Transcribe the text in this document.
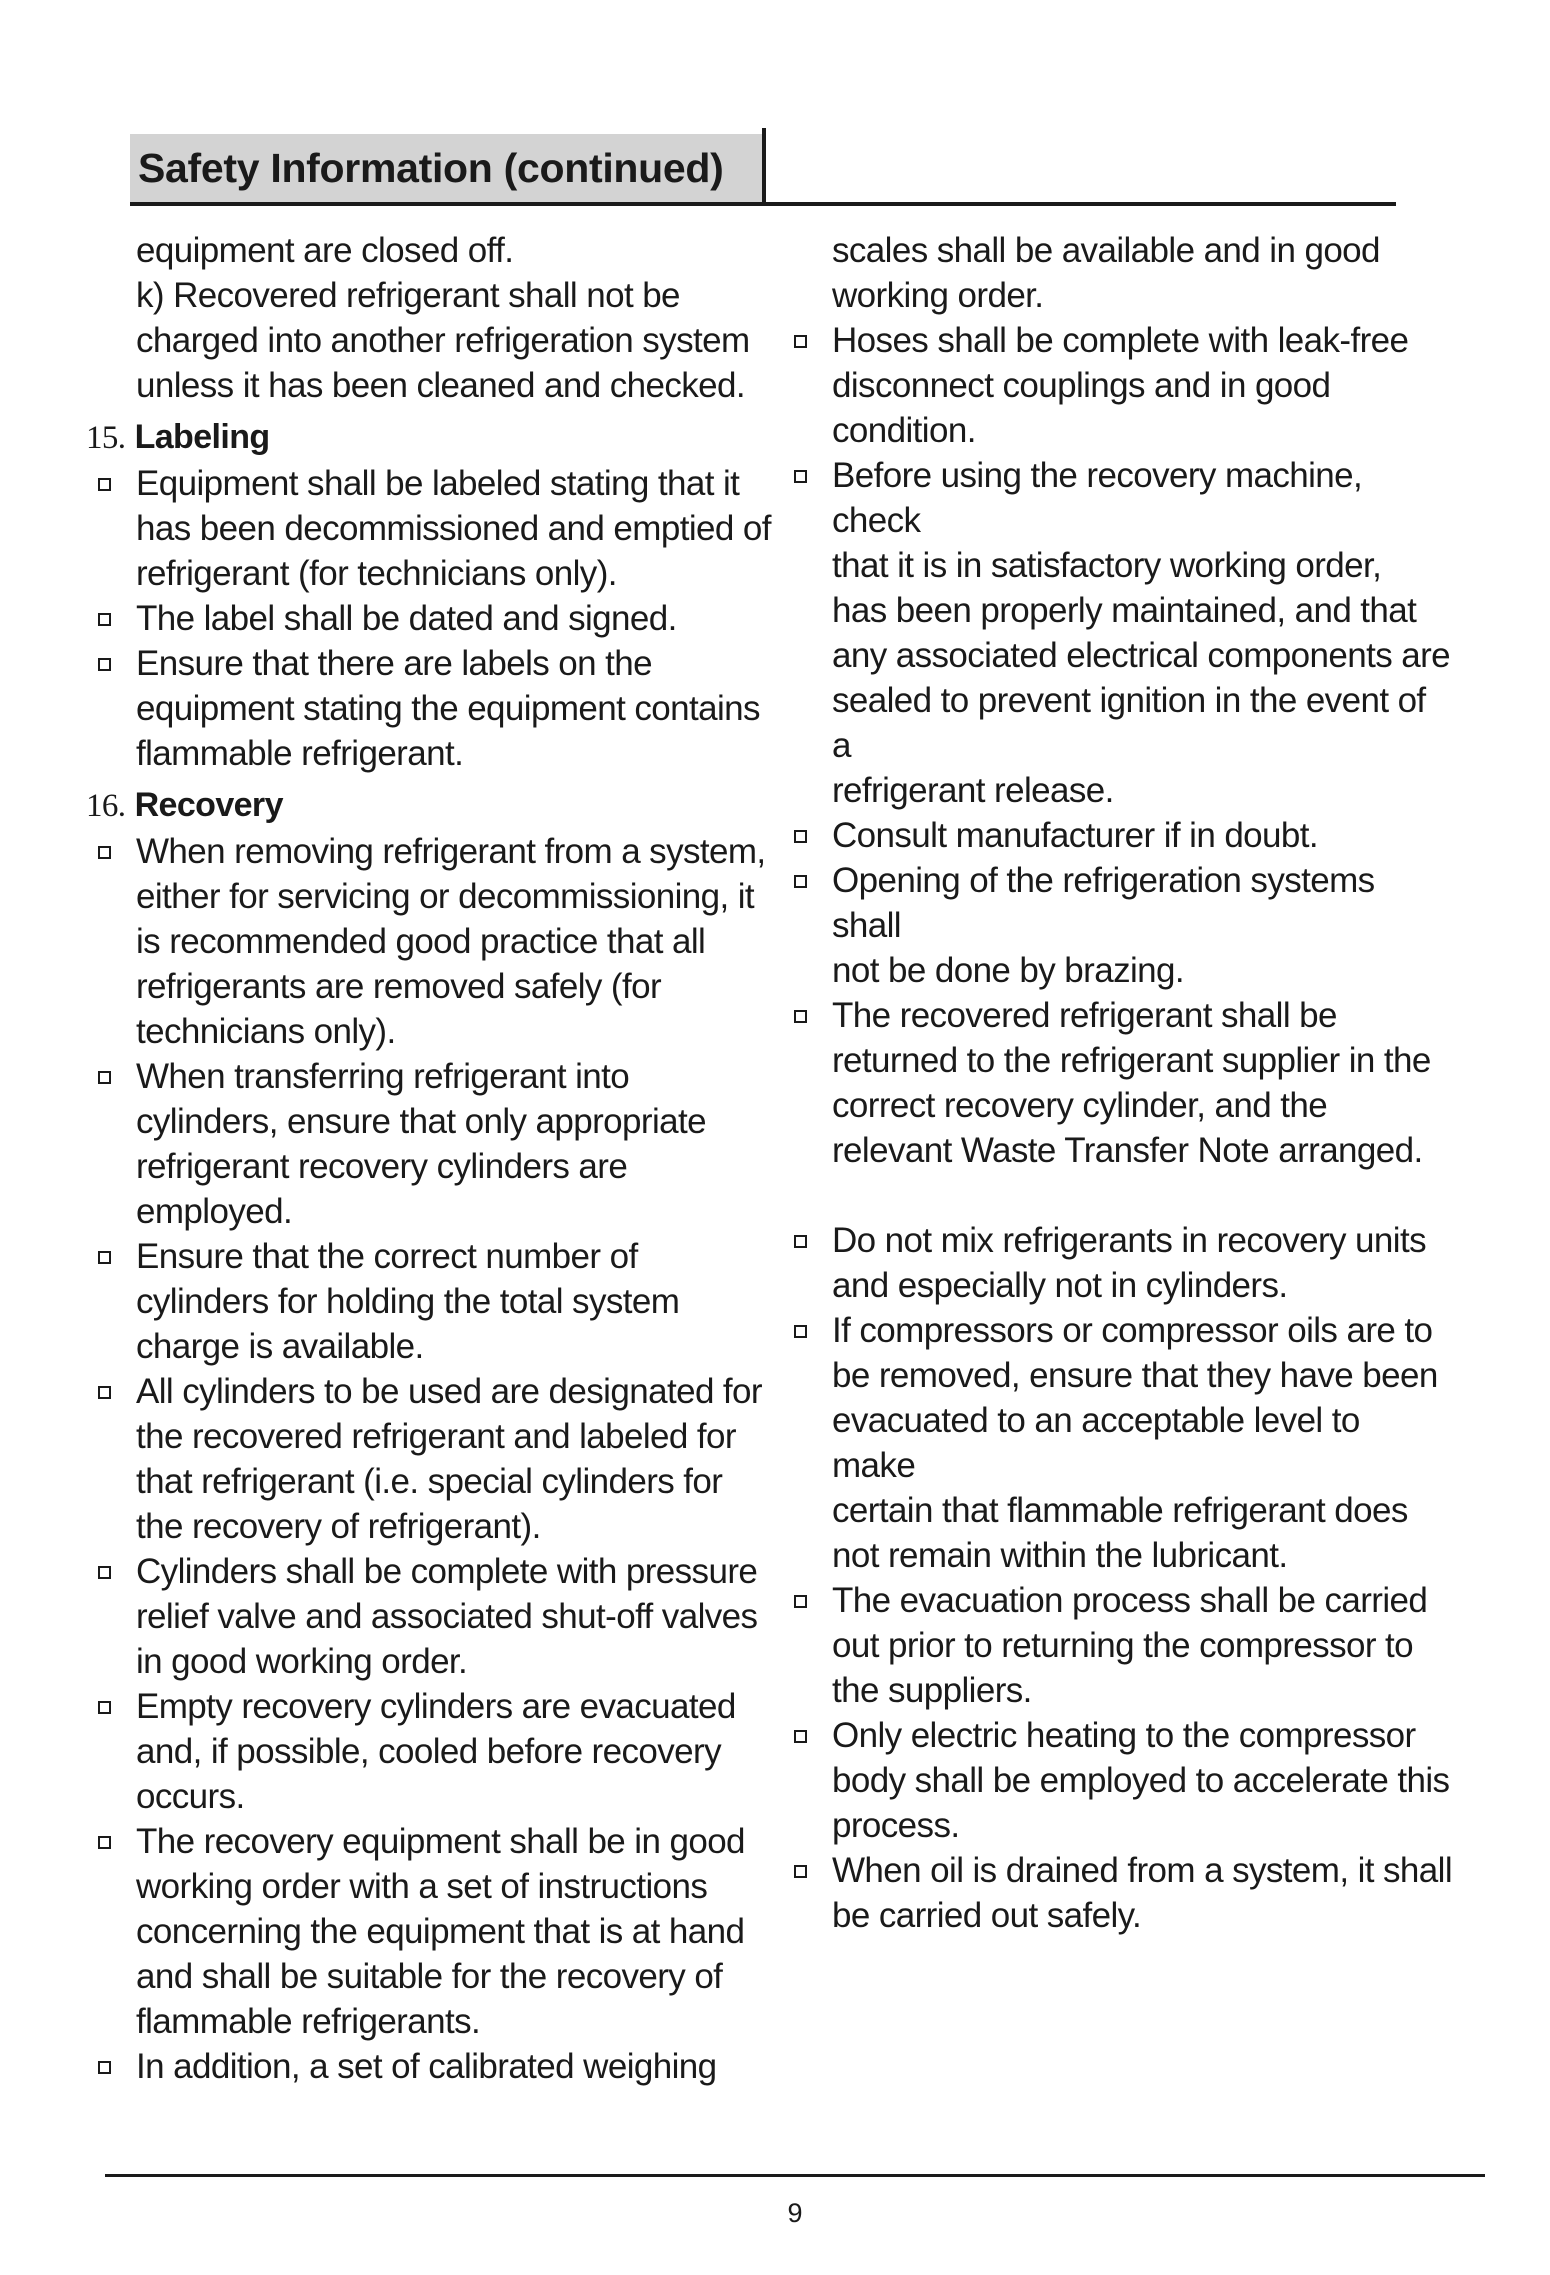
Safety Information (continued)
equipment are closed off.
k) Recovered refrigerant shall not be
charged into another refrigeration system
unless it has been cleaned and checked.
15. Labeling
Equipment shall be labeled stating that it
has been decommissioned and emptied of
refrigerant (for technicians only).
The label shall be dated and signed.
Ensure that there are labels on the
equipment stating the equipment contains
flammable refrigerant.
16. Recovery
When removing refrigerant from a system,
either for servicing or decommissioning, it
is recommended good practice that all
refrigerants are removed safely (for
technicians only).
When transferring refrigerant into
cylinders, ensure that only appropriate
refrigerant recovery cylinders are
employed.
Ensure that the correct number of
cylinders for holding the total system
charge is available.
All cylinders to be used are designated for
the recovered refrigerant and labeled for
that refrigerant (i.e. special cylinders for
the recovery of refrigerant).
Cylinders shall be complete with pressure
relief valve and associated shut-off valves
in good working order.
Empty recovery cylinders are evacuated
and, if possible, cooled before recovery
occurs.
The recovery equipment shall be in good
working order with a set of instructions
concerning the equipment that is at hand
and shall be suitable for the recovery of
flammable refrigerants.
In addition, a set of calibrated weighing
scales shall be available and in good
working order.
Hoses shall be complete with leak-free
disconnect couplings and in good
condition.
Before using the recovery machine, check
that it is in satisfactory working order,
has been properly maintained, and that
any associated electrical components are
sealed to prevent ignition in the event of a
refrigerant release.
Consult manufacturer if in doubt.
Opening of the refrigeration systems shall
not be done by brazing.
The recovered refrigerant shall be
returned to the refrigerant supplier in the
correct recovery cylinder, and the
relevant Waste Transfer Note arranged.
Do not mix refrigerants in recovery units
and especially not in cylinders.
If compressors or compressor oils are to
be removed, ensure that they have been
evacuated to an acceptable level to make
certain that flammable refrigerant does
not remain within the lubricant.
The evacuation process shall be carried
out prior to returning the compressor to
the suppliers.
Only electric heating to the compressor
body shall be employed to accelerate this
process.
When oil is drained from a system, it shall
be carried out safely.
9
